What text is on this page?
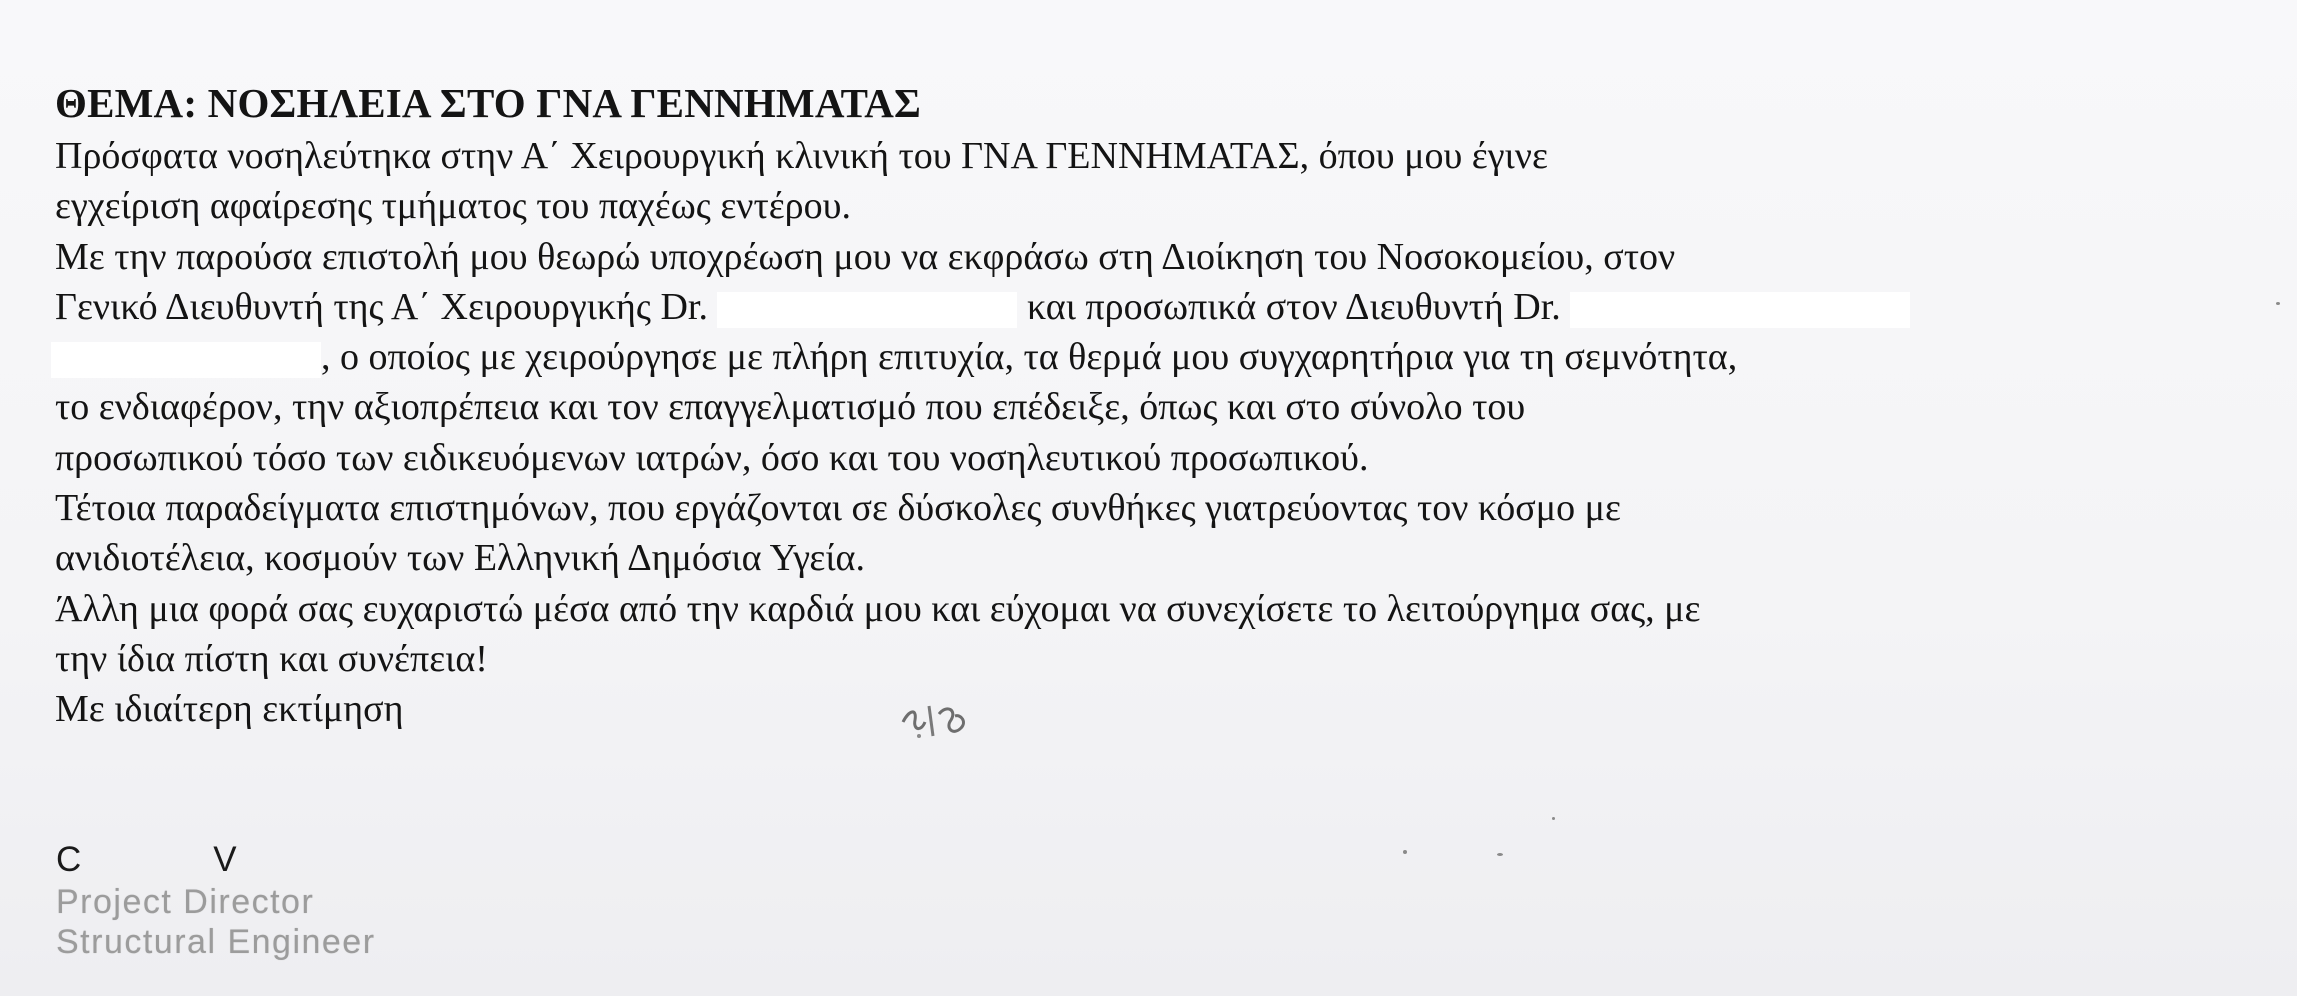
ΘΕΜΑ: ΝΟΣΗΛΕΙΑ ΣΤΟ ΓΝΑ ΓΕΝΝΗΜΑΤΑΣ
Πρόσφατα νοσηλεύτηκα στην Α΄ Χειρουργική κλινική του ΓΝΑ ΓΕΝΝΗΜΑΤΑΣ, όπου μου έγινε
εγχείριση αφαίρεσης τμήματος του παχέως εντέρου.
Με την παρούσα επιστολή μου θεωρώ υποχρέωση μου να εκφράσω στη Διοίκηση του Νοσοκομείου, στον
Γενικό Διευθυντή της Α΄ Χειρουργικής Dr.	και προσωπικά στον Διευθυντή Dr.
, ο οποίος με χειρούργησε με πλήρη επιτυχία, τα θερμά μου συγχαρητήρια για τη σεμνότητα,
το ενδιαφέρον, την αξιοπρέπεια και τον επαγγελματισμό που επέδειξε, όπως και στο σύνολο του
προσωπικού τόσο των ειδικευόμενων ιατρών, όσο και του νοσηλευτικού προσωπικού.
Τέτοια παραδείγματα επιστημόνων, που εργάζονται σε δύσκολες συνθήκες γιατρεύοντας τον κόσμο με
ανιδιοτέλεια, κοσμούν των Ελληνική Δημόσια Υγεία.
Άλλη μια φορά σας ευχαριστώ μέσα από την καρδιά μου και εύχομαι να συνεχίσετε το λειτούργημα σας, με
την ίδια πίστη και συνέπεια!
Με ιδιαίτερη εκτίμηση
C	V
Project Director
Structural Engineer
